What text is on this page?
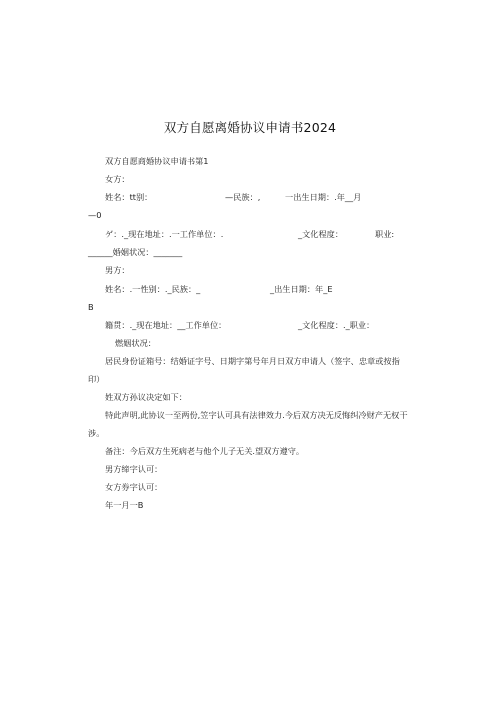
双方自愿离婚协议申请书2024
双方自愿商婚协议申请书第1
女方：
姓名：tt别：	—民族：,	一出生日期：.年__月
—0
ゲ：._现在地址：.一工作单位：.	_文化程度：	职业:
______婚姻状况：_______
男方：
姓名：.一性别：._民族：_	_出生日期：年_E
B
籍贯：._现在地址：__工作单位：	_文化程度：._职业：
燃姻状况：
居民身份证箱号：结婚证字号、日期字第号年月日双方申请人（签字、忠章或按指
印）
姓双方孙议决定如下：
特此声明,此协议一至两份,笠字认可具有法律效力.今后双方决无反悔纠冷财产无权干
涉。
备注：今后双方生死病老与他个儿子无关.望双方遵守。
男方缔字认可：
女方券字认可：
年一月一B
